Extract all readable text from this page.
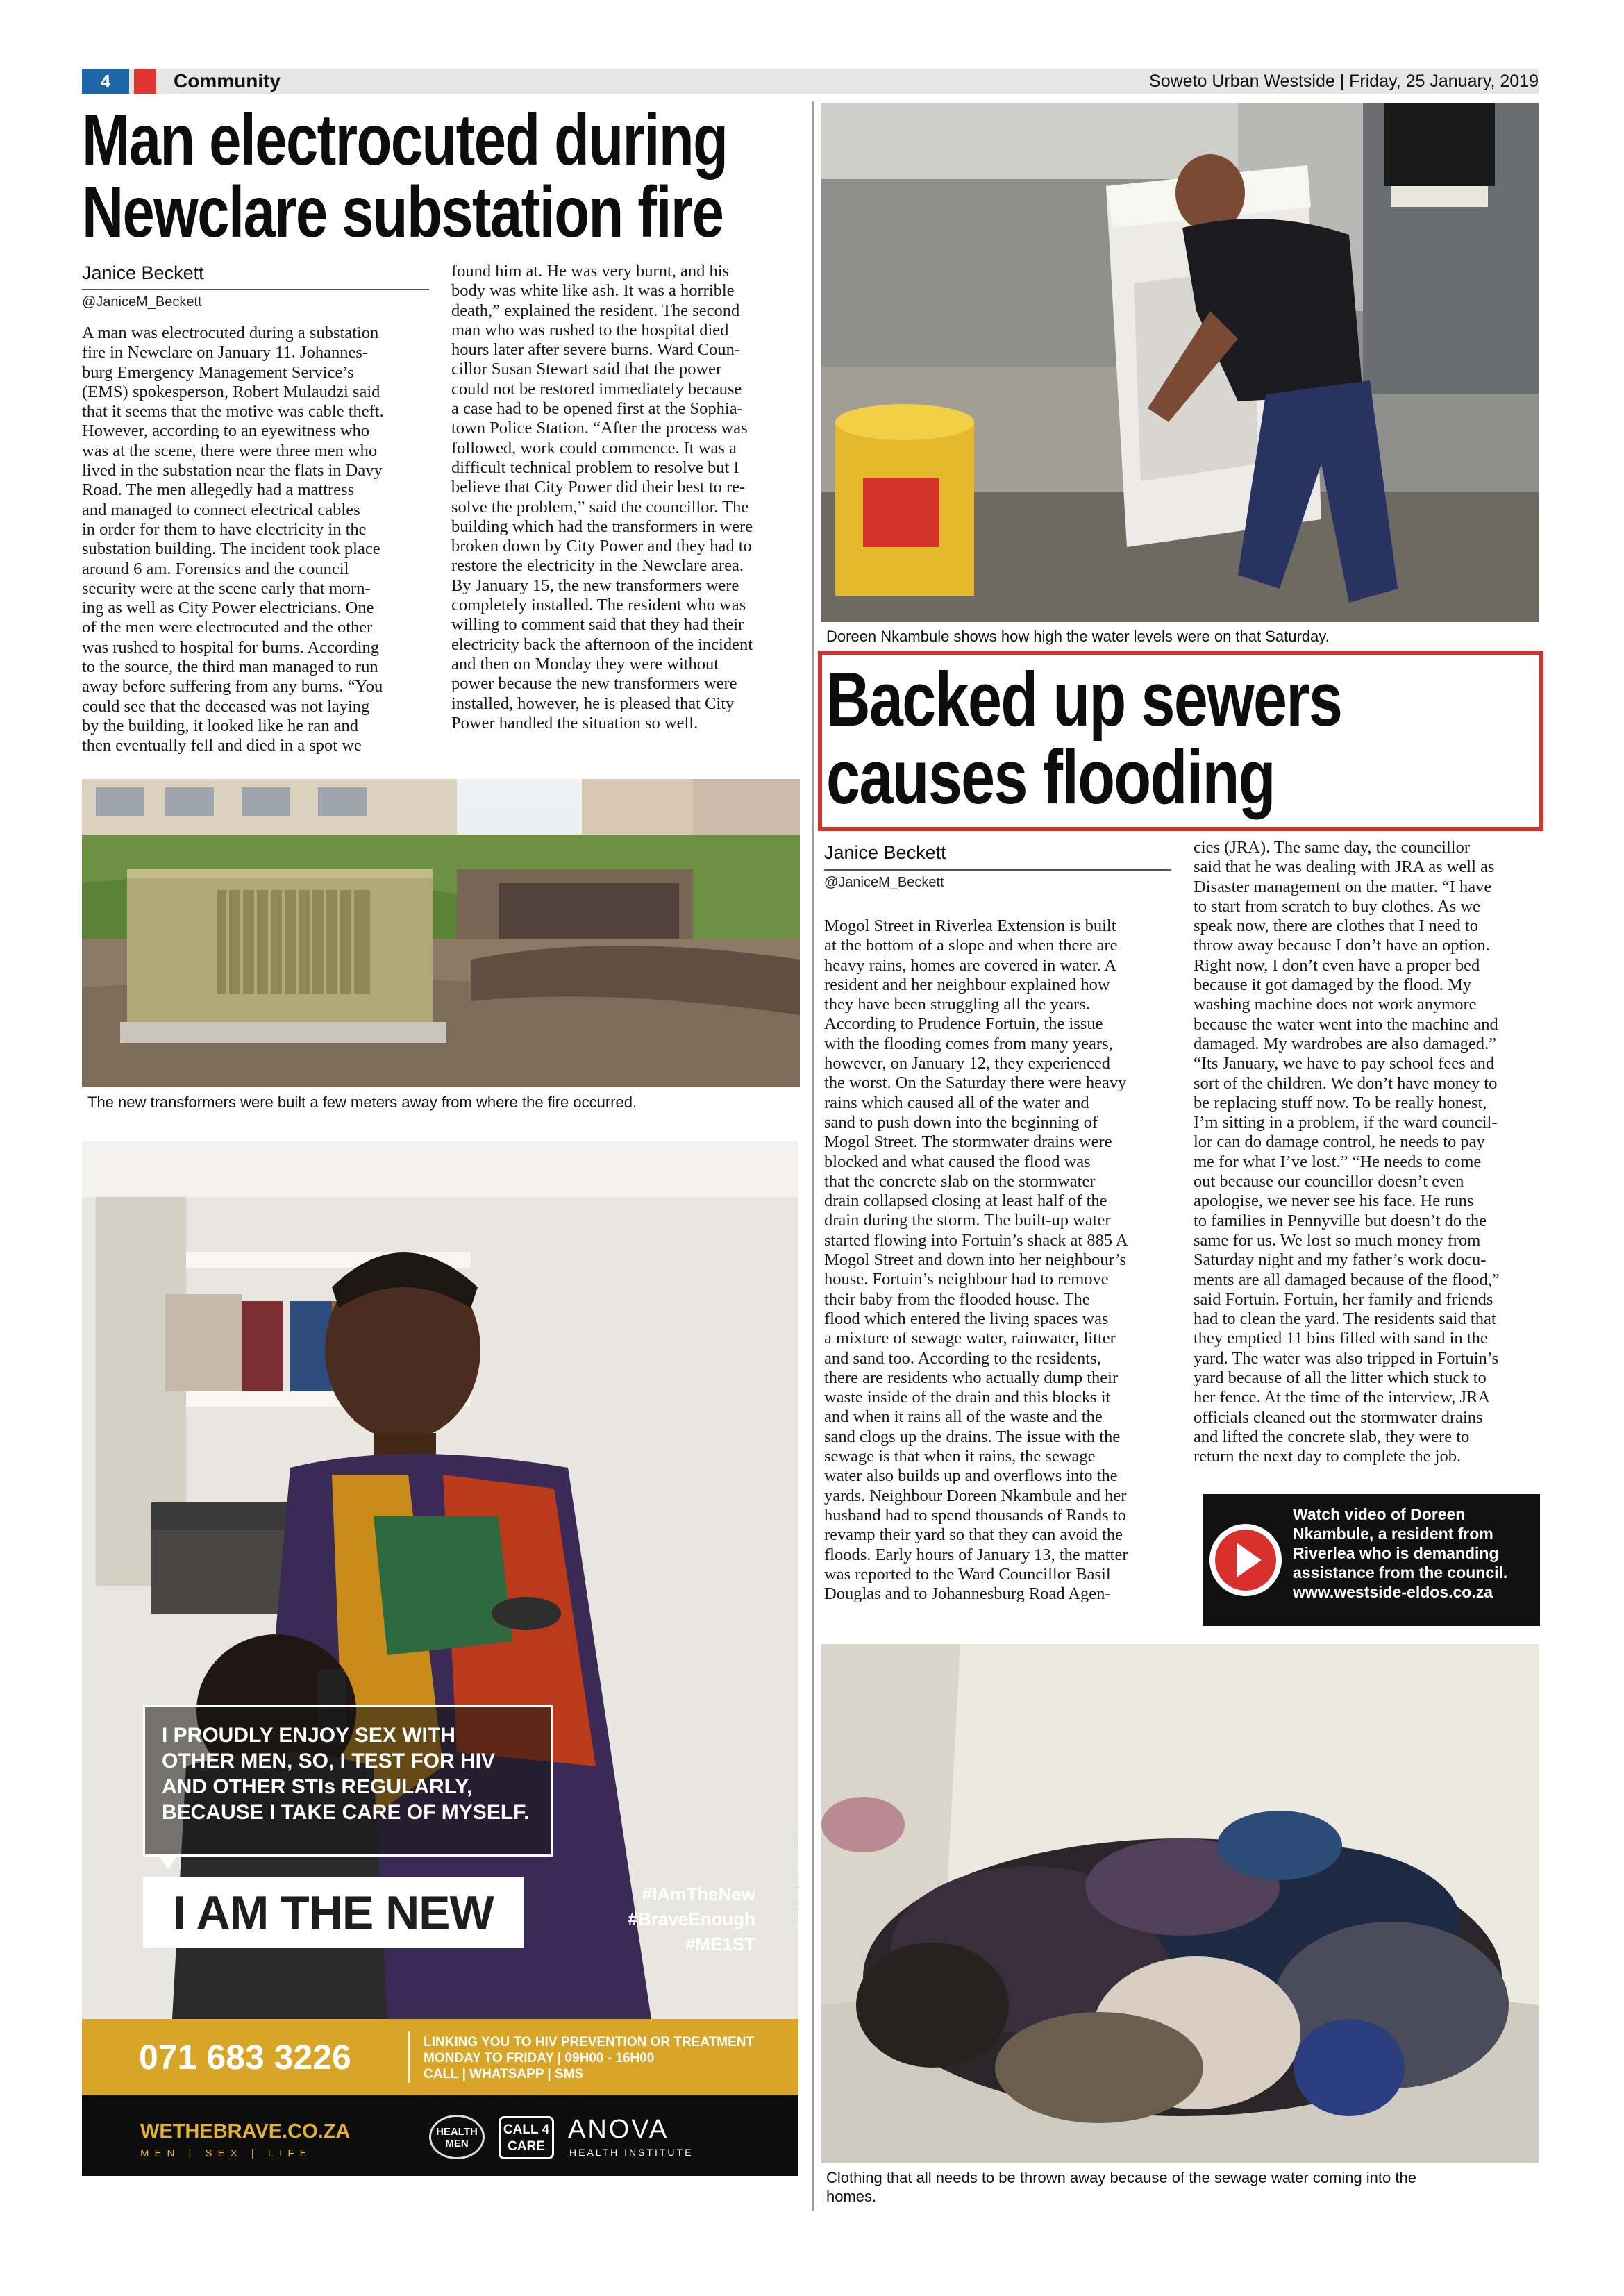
4	Community	Soweto Urban Westside | Friday, 25 January, 2019
Man electrocuted during
Newclare substation fire
Janice Beckett
@JaniceM_Beckett

A man was electrocuted during a substation

fire in Newclare on January 11. Johannes-

burg Emergency Management Service’s

(EMS) spokesperson, Robert Mulaudzi said

that it seems that the motive was cable theft.

However, according to an eyewitness who

was at the scene, there were three men who

lived in the substation near the flats in Davy

Road. The men allegedly had a mattress

and managed to connect electrical cables

in order for them to have electricity in the

substation building. The incident took place

around 6 am. Forensics and the council

security were at the scene early that morn-

ing as well as City Power electricians. One

of the men were electrocuted and the other

was rushed to hospital for burns. According

to the source, the third man managed to run

away before suffering from any burns. “You

could see that the deceased was not laying

by the building, it looked like he ran and

then eventually fell and died in a spot we

found him at. He was very burnt, and his

body was white like ash. It was a horrible

death,” explained the resident. The second

man who was rushed to the hospital died

hours later after severe burns. Ward Coun-

cillor Susan Stewart said that the power

could not be restored immediately because

a case had to be opened first at the Sophia-

town Police Station. “After the process was

followed, work could commence. It was a

difficult technical problem to resolve but I

believe that City Power did their best to re-

solve the problem,” said the councillor. The

building which had the transformers in were

broken down by City Power and they had to

restore the electricity in the Newclare area.

By January 15, the new transformers were

completely installed. The resident who was

willing to comment said that they had their

electricity back the afternoon of the incident

and then on Monday they were without

power because the new transformers were

installed, however, he is pleased that City

Power handled the situation so well.

The new transformers were built a few meters away from where the fire occurred.
I PROUDLY ENJOY SEX WITH
OTHER MEN, SO, I TEST FOR HIV
AND OTHER STIs REGULARLY,
BECAUSE I TAKE CARE OF MYSELF.
I AM THE NEW	#IAmTheNew
#BraveEnough
#ME1ST
anova | 415 | iamthenewbear
071 683 3226	LINKING YOU TO HIV PREVENTION OR TREATMENT
MONDAY TO FRIDAY | 09H00 - 16H00
CALL | WHATSAPP | SMS
WETHEBRAVE.CO.ZA
MEN | SEX | LIFE
HEALTH MEN
CALL 4 CARE
ANOVA
HEALTH INSTITUTE
Doreen Nkambule shows how high the water levels were on that Saturday.
Backed up sewers
causes flooding
Janice Beckett
@JaniceM_Beckett

Mogol Street in Riverlea Extension is built

at the bottom of a slope and when there are

heavy rains, homes are covered in water. A

resident and her neighbour explained how

they have been struggling all the years.

According to Prudence Fortuin, the issue

with the flooding comes from many years,

however, on January 12, they experienced

the worst. On the Saturday there were heavy

rains which caused all of the water and

sand to push down into the beginning of

Mogol Street. The stormwater drains were

blocked and what caused the flood was

that the concrete slab on the stormwater

drain collapsed closing at least half of the

drain during the storm. The built-up water

started flowing into Fortuin’s shack at 885 A

Mogol Street and down into her neighbour’s

house. Fortuin’s neighbour had to remove

their baby from the flooded house. The

flood which entered the living spaces was

a mixture of sewage water, rainwater, litter

and sand too. According to the residents,

there are residents who actually dump their

waste inside of the drain and this blocks it

and when it rains all of the waste and the

sand clogs up the drains. The issue with the

sewage is that when it rains, the sewage

water also builds up and overflows into the

yards. Neighbour Doreen Nkambule and her

husband had to spend thousands of Rands to

revamp their yard so that they can avoid the

floods. Early hours of January 13, the matter

was reported to the Ward Councillor Basil

Douglas and to Johannesburg Road Agen-

cies (JRA). The same day, the councillor

said that he was dealing with JRA as well as

Disaster management on the matter. “I have

to start from scratch to buy clothes. As we

speak now, there are clothes that I need to

throw away because I don’t have an option.

Right now, I don’t even have a proper bed

because it got damaged by the flood. My

washing machine does not work anymore

because the water went into the machine and

damaged. My wardrobes are also damaged.”

“Its January, we have to pay school fees and

sort of the children. We don’t have money to

be replacing stuff now. To be really honest,

I’m sitting in a problem, if the ward council-

lor can do damage control, he needs to pay

me for what I’ve lost.” “He needs to come

out because our councillor doesn’t even

apologise, we never see his face. He runs

to families in Pennyville but doesn’t do the

same for us. We lost so much money from

Saturday night and my father’s work docu-

ments are all damaged because of the flood,”

said Fortuin. Fortuin, her family and friends

had to clean the yard. The residents said that

they emptied 11 bins filled with sand in the

yard. The water was also tripped in Fortuin’s

yard because of all the litter which stuck to

her fence. At the time of the interview, JRA

officials cleaned out the stormwater drains

and lifted the concrete slab, they were to

return the next day to complete the job.

Watch video of Doreen
Nkambule, a resident from
Riverlea who is demanding
assistance from the council.
www.westside-eldos.co.za
Clothing that all needs to be thrown away because of the sewage water coming into the
homes.
